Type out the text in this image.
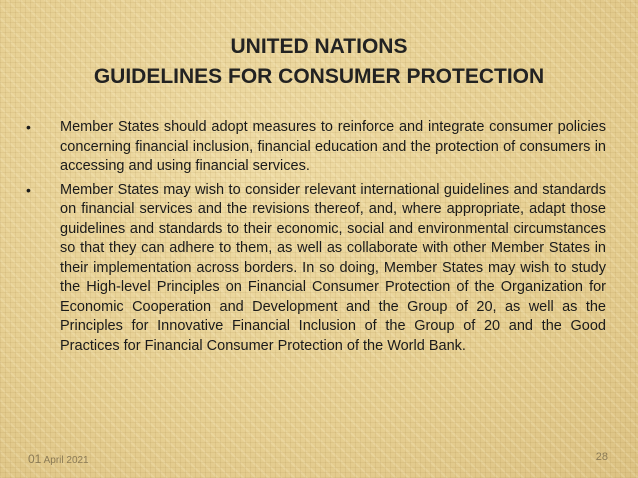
UNITED NATIONS
GUIDELINES FOR CONSUMER PROTECTION
• Member States should adopt measures to reinforce and integrate consumer policies concerning financial inclusion, financial education and the protection of consumers in accessing and using financial services.
• Member States may wish to consider relevant international guidelines and standards on financial services and the revisions thereof, and, where appropriate, adapt those guidelines and standards to their economic, social and environmental circumstances so that they can adhere to them, as well as collaborate with other Member States in their implementation across borders. In so doing, Member States may wish to study the High-level Principles on Financial Consumer Protection of the Organization for Economic Cooperation and Development and the Group of 20, as well as the Principles for Innovative Financial Inclusion of the Group of 20 and the Good Practices for Financial Consumer Protection of the World Bank.
01 April 2021	28
